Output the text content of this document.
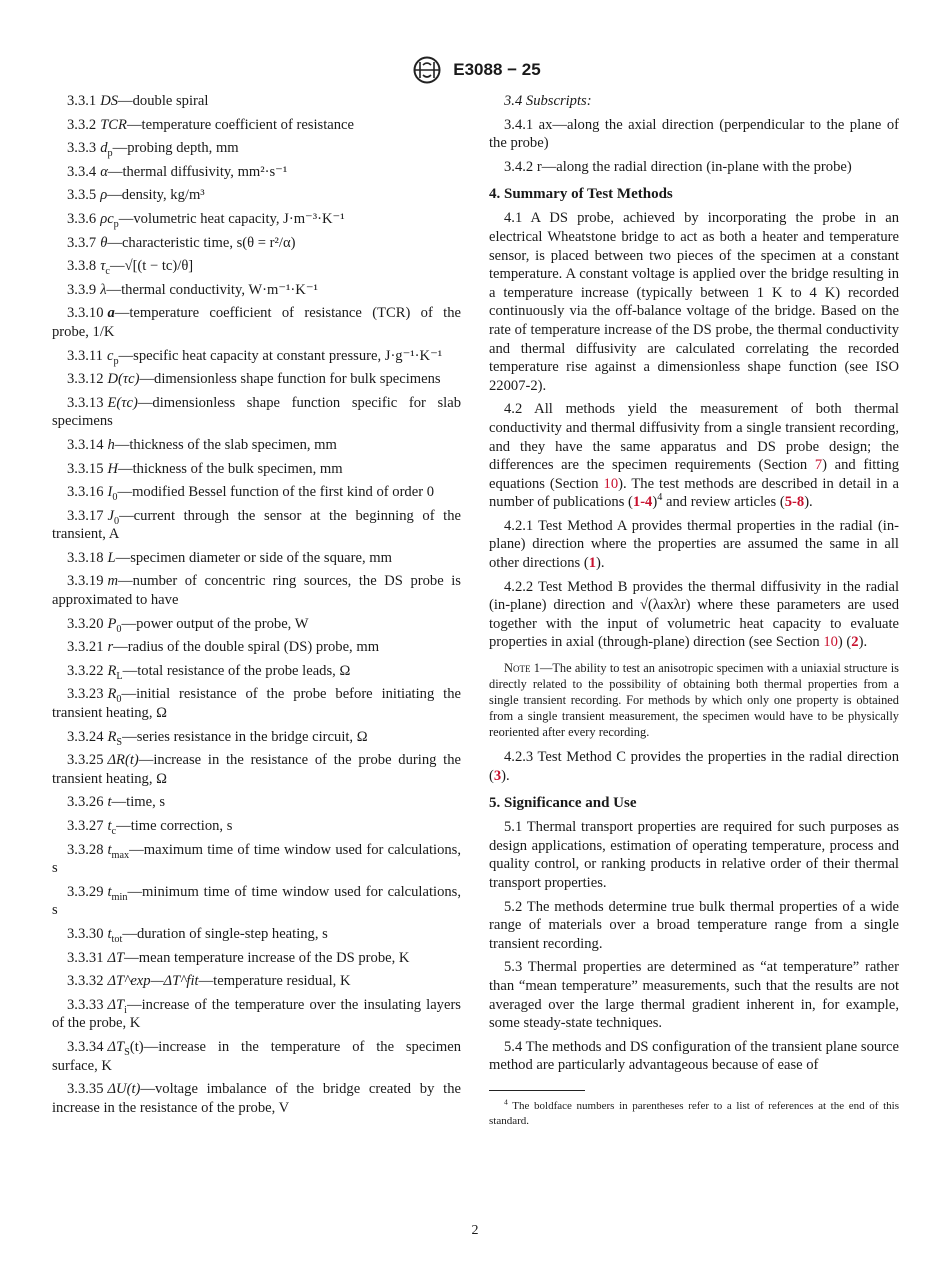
E3088 − 25
3.3.1 DS—double spiral
3.3.2 TCR—temperature coefficient of resistance
3.3.3 $d_p—probing$ depth, mm
3.3.4 α—thermal diffusivity, mm²·s⁻¹
3.3.5 ρ—density, kg/m³
3.3.6 $\rho c_p—volumetric$ heat capacity, J·m⁻³·K⁻¹
3.3.7 θ—characteristic time, s(θ = r²/α)
3.3.8 $\tau_c—√[(t - tc)/\theta]$
3.3.9 λ—thermal conductivity, W·m⁻¹·K⁻¹
3.3.10 a—temperature coefficient of resistance (TCR) of the probe, 1/K
3.3.11 $c_p—specific$ heat capacity at constant pressure, J·g⁻¹·K⁻¹
3.3.12 D(τc)—dimensionless shape function for bulk specimens
3.3.13 E(τc)—dimensionless shape function specific for slab specimens
3.3.14 h—thickness of the slab specimen, mm
3.3.15 H—thickness of the bulk specimen, mm
3.3.16 $I_0—modified$ Bessel function of the first kind of order 0
3.3.17 $J_0—current$ through the sensor at the beginning of the transient, A
3.3.18 L—specimen diameter or side of the square, mm
3.3.19 m—number of concentric ring sources, the DS probe is approximated to have
3.3.20 $P_0—power$ output of the probe, W
3.3.21 r—radius of the double spiral (DS) probe, mm
3.3.22 $R_L—total$ resistance of the probe leads, Ω
3.3.23 $R_0—initial$ resistance of the probe before initiating the transient heating, Ω
3.3.24 $R_S—series$ resistance in the bridge circuit, Ω
3.3.25 ΔR(t)—increase in the resistance of the probe during the transient heating, Ω
3.3.26 t—time, s
3.3.27 $t_c—time$ correction, s
3.3.28 $t_{max}—maximum$ time of time window used for calculations, s
3.3.29 $t_{min}—minimum$ time of time window used for calculations, s
3.3.30 $t_{tot}—duration$ of single-step heating, s
3.3.31 ΔT—mean temperature increase of the DS probe, K
3.3.32 ΔT^exp—ΔT^fit—temperature residual, K
3.3.33 $\Delta T_i—increase$ of the temperature over the insulating layers of the probe, K
3.3.34 $\Delta T_S(t)—increase$ in the temperature of the specimen surface, K
3.3.35 ΔU(t)—voltage imbalance of the bridge created by the increase in the resistance of the probe, V
3.4 Subscripts:
3.4.1 ax—along the axial direction (perpendicular to the plane of the probe)
3.4.2 r—along the radial direction (in-plane with the probe)
4. Summary of Test Methods
4.1 A DS probe, achieved by incorporating the probe in an electrical Wheatstone bridge to act as both a heater and temperature sensor, is placed between two pieces of the specimen at a constant temperature. A constant voltage is applied over the bridge resulting in a temperature increase (typically between 1 K to 4 K) recorded continuously via the off-balance voltage of the bridge. Based on the rate of temperature increase of the DS probe, the thermal conductivity and thermal diffusivity are calculated correlating the recorded temperature rise against a dimensionless shape function (see ISO 22007-2).
4.2 All methods yield the measurement of both thermal conductivity and thermal diffusivity from a single transient recording, and they have the same apparatus and DS probe design; the differences are the specimen requirements (Section 7) and fitting equations (Section 10). The test methods are described in detail in a number of publications $(1-4)^4$ and review articles (5-8).
4.2.1 Test Method A provides thermal properties in the radial (in-plane) direction where the properties are assumed the same in all other directions (1).
4.2.2 Test Method B provides the thermal diffusivity in the radial (in-plane) direction and √(λaxλr) where these parameters are used together with the input of volumetric heat capacity to evaluate properties in axial (through-plane) direction (see Section 10) (2).
Note 1—The ability to test an anisotropic specimen with a uniaxial structure is directly related to the possibility of obtaining both thermal properties from a single transient recording. For methods by which only one property is obtained from a single transient measurement, the specimen would have to be physically reoriented after every recording.
4.2.3 Test Method C provides the properties in the radial direction (3).
5. Significance and Use
5.1 Thermal transport properties are required for such purposes as design applications, estimation of operating temperature, process and quality control, or ranking products in relative order of their thermal transport properties.
5.2 The methods determine true bulk thermal properties of a wide range of materials over a broad temperature range from a single transient recording.
5.3 Thermal properties are determined as “at temperature” rather than “mean temperature” measurements, such that the results are not averaged over the large thermal gradient inherent in, for example, some steady-state techniques.
5.4 The methods and DS configuration of the transient plane source method are particularly advantageous because of ease of
$^4$ The boldface numbers in parentheses refer to a list of references at the end of this standard.
2
